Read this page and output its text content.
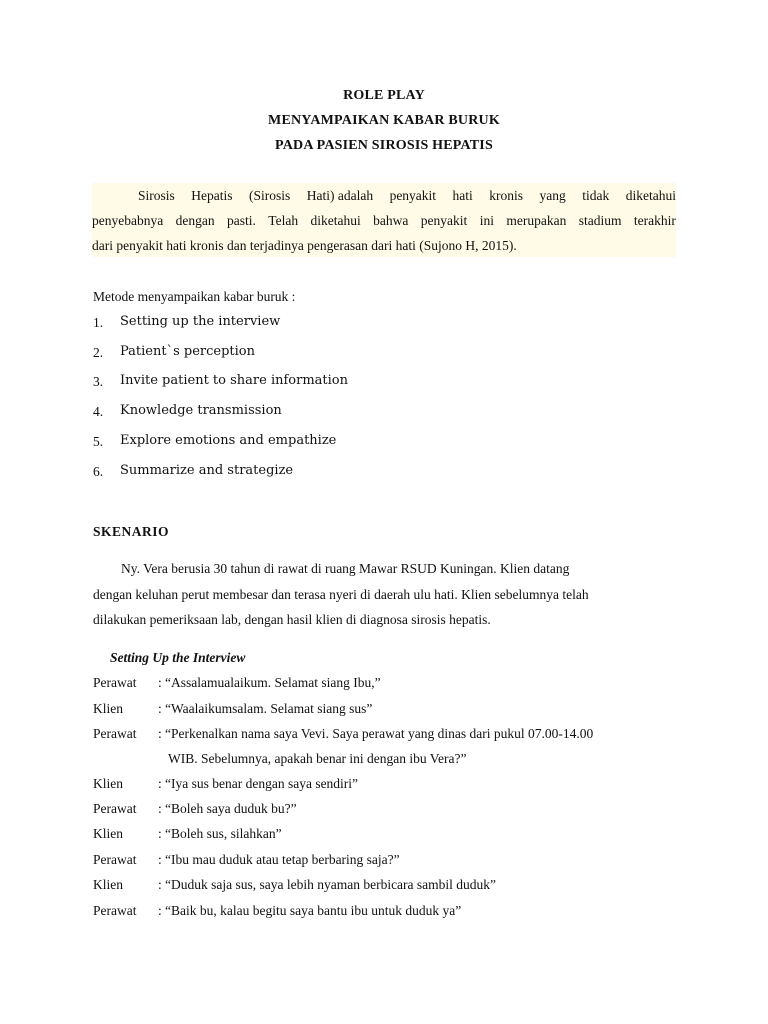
ROLE PLAY
MENYAMPAIKAN KABAR BURUK
PADA PASIEN SIROSIS HEPATIS
Sirosis Hepatis (Sirosis Hati) adalah penyakit hati kronis yang tidak diketahui
penyebabnya dengan pasti. Telah diketahui bahwa penyakit ini merupakan stadium terakhir
dari penyakit hati kronis dan terjadinya pengerasan dari hati (Sujono H, 2015).
Metode menyampaikan kabar buruk :
1. Setting up the interview
2. Patient`s perception
3. Invite patient to share information
4. Knowledge transmission
5. Explore emotions and empathize
6. Summarize and strategize
SKENARIO
Ny. Vera berusia 30 tahun di rawat di ruang Mawar RSUD Kuningan. Klien datang
dengan keluhan perut membesar dan terasa nyeri di daerah ulu hati. Klien sebelumnya telah
dilakukan pemeriksaan lab, dengan hasil klien di diagnosa sirosis hepatis.
Setting Up the Interview
Perawat : “Assalamualaikum. Selamat siang Ibu,”
Klien	: “Waalaikumsalam. Selamat siang sus”
Perawat : “Perkenalkan nama saya Vevi. Saya perawat yang dinas dari pukul 07.00-14.00
WIB. Sebelumnya, apakah benar ini dengan ibu Vera?”
Klien	: “Iya sus benar dengan saya sendiri”
Perawat : “Boleh saya duduk bu?”
Klien	: “Boleh sus, silahkan”
Perawat : “Ibu mau duduk atau tetap berbaring saja?”
Klien	: “Duduk saja sus, saya lebih nyaman berbicara sambil duduk”
Perawat : “Baik bu, kalau begitu saya bantu ibu untuk duduk ya”
